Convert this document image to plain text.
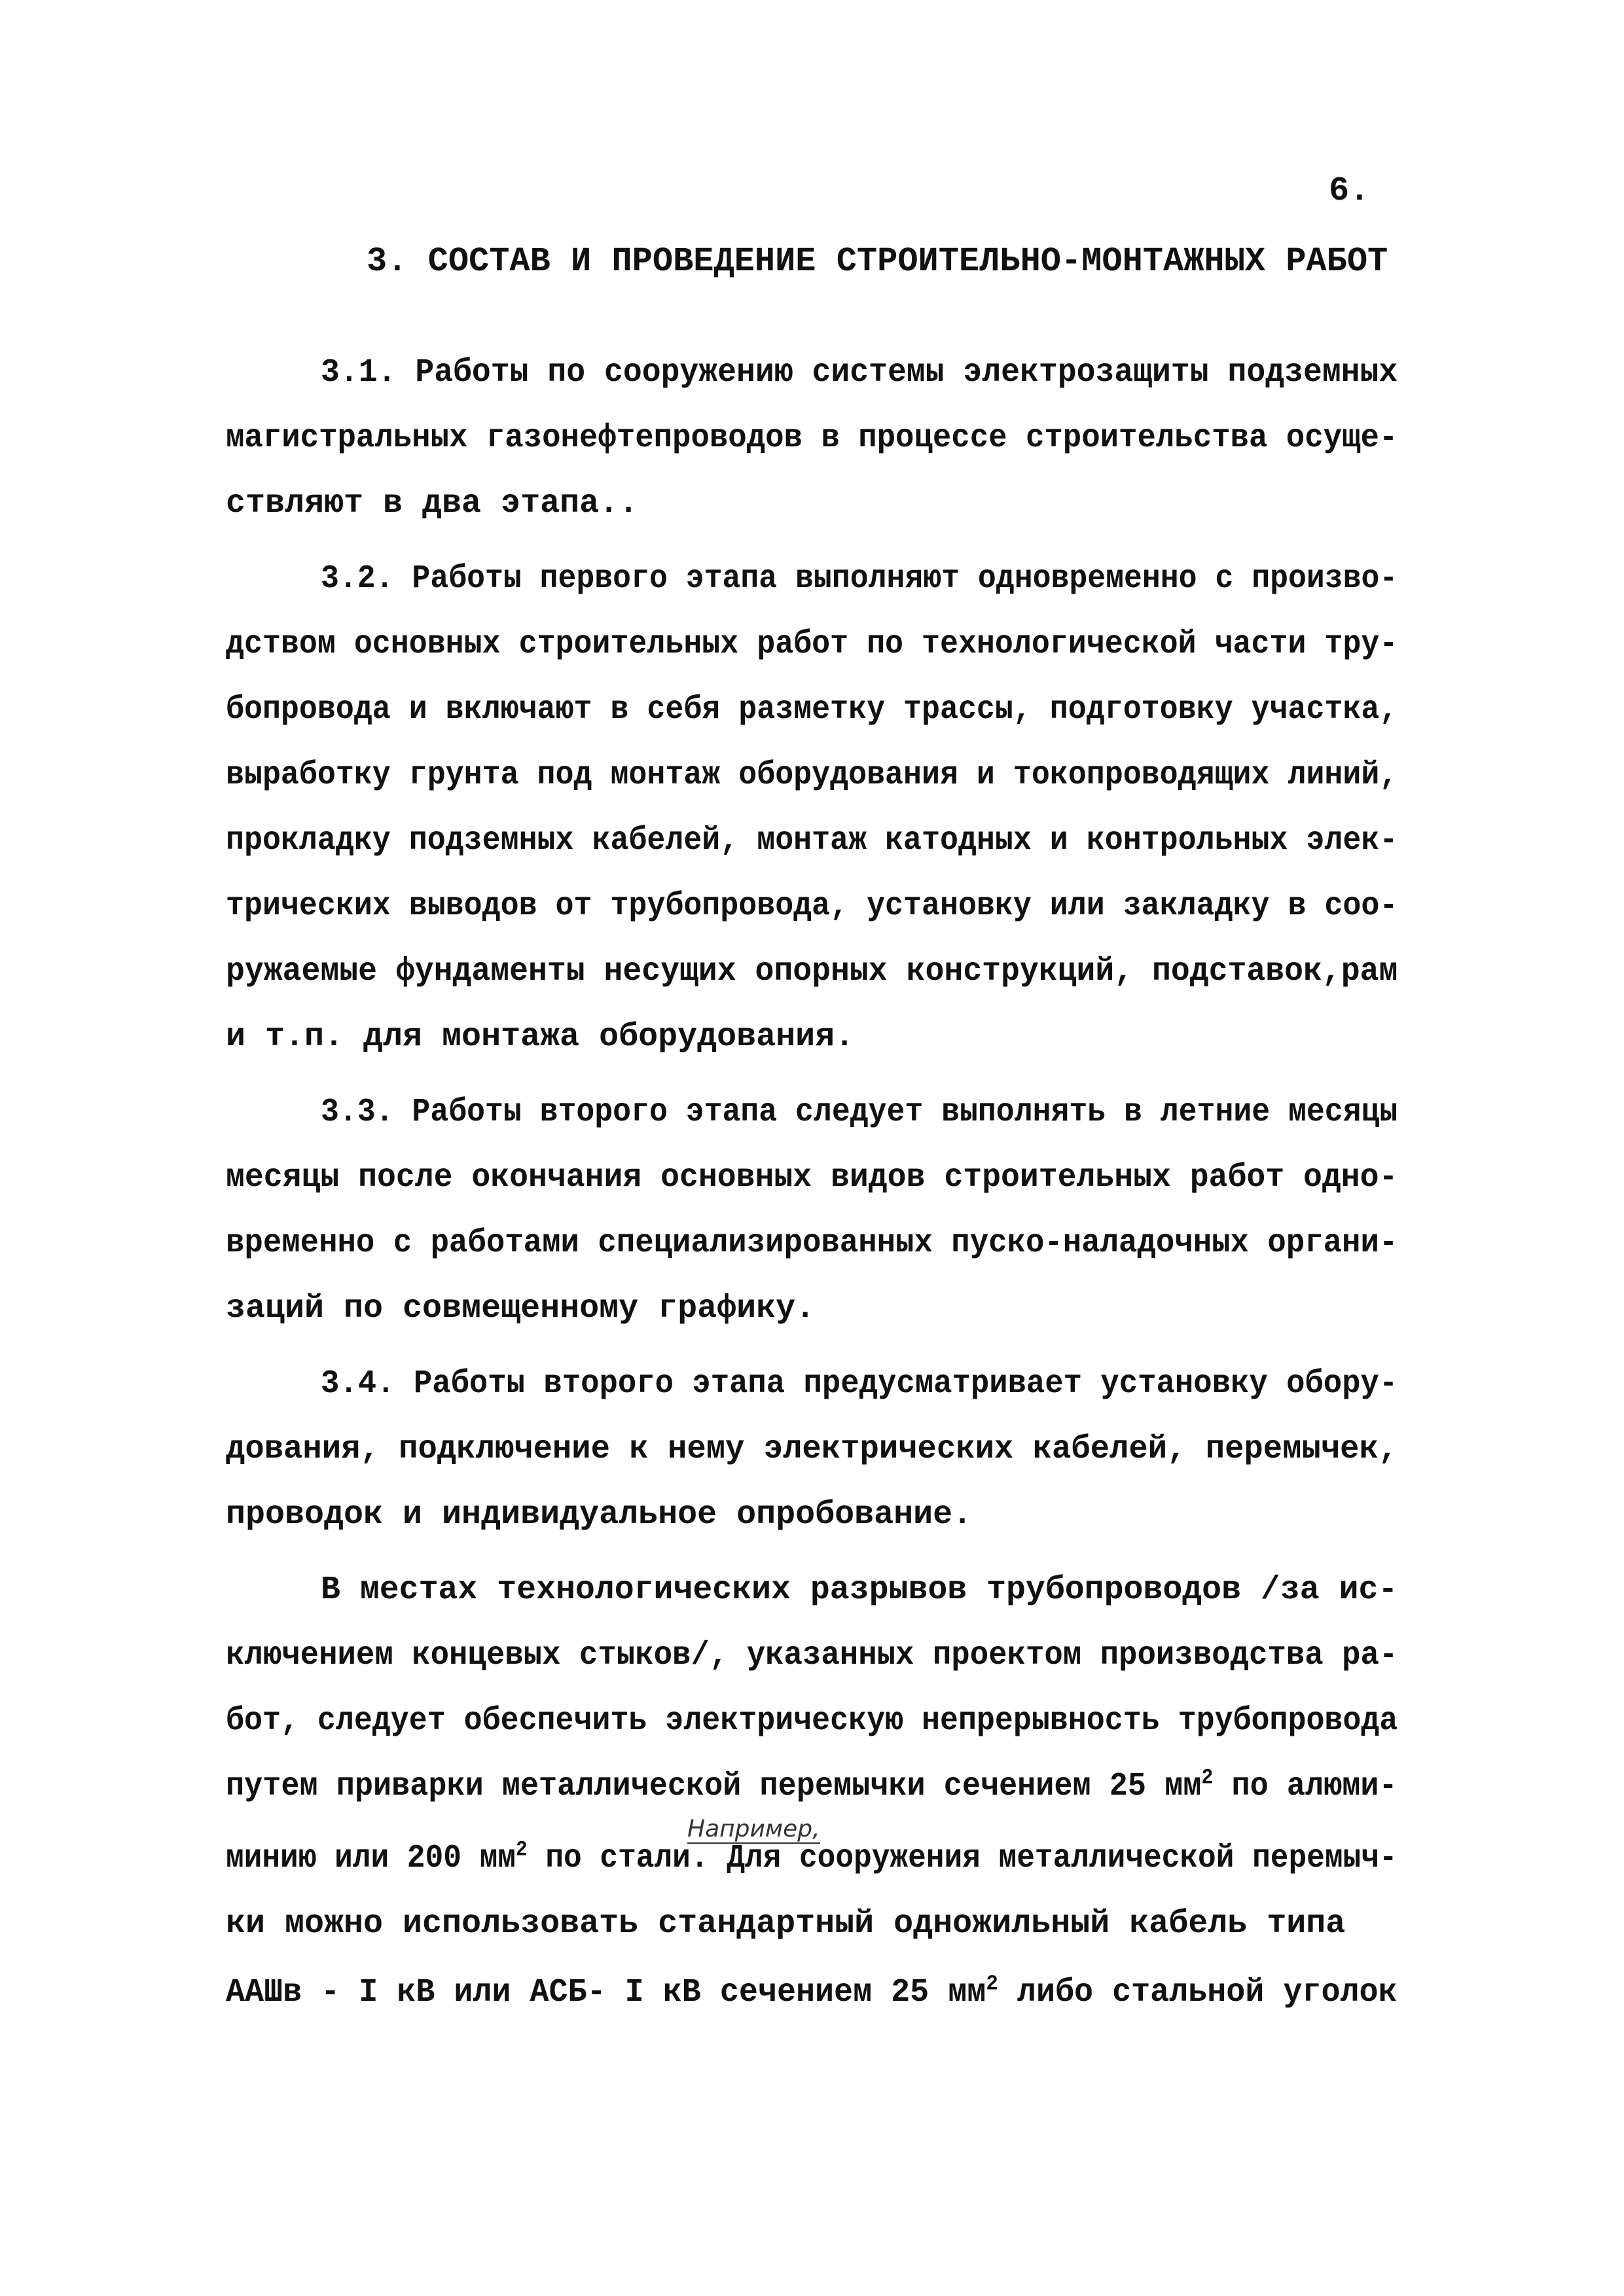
6.
3. СОСТАВ И ПРОВЕДЕНИЕ СТРОИТЕЛЬНО-МОНТАЖНЫХ РАБОТ
3.1. Работы по сооружению системы электрозащиты подземных
магистральных газонефтепроводов в процессе строительства осуще-
ствляют в два этапа..
3.2. Работы первого этапа выполняют одновременно с произво-
дством основных строительных работ по технологической части тру-
бопровода и включают в себя разметку трассы, подготовку участка,
выработку грунта под монтаж оборудования и токопроводящих линий,
прокладку подземных кабелей, монтаж катодных и контрольных элек-
трических выводов от трубопровода, установку или закладку в соо-
ружаемые фундаменты несущих опорных конструкций, подставок,рам
и т.п. для монтажа оборудования.
3.3. Работы второго этапа следует выполнять в летние месяцы
месяцы после окончания основных видов строительных работ одно-
временно с работами специализированных пуско-наладочных органи-
заций по совмещенному графику.
3.4. Работы второго этапа предусматривает установку обору-
дования, подключение к нему электрических кабелей, перемычек,
проводок и индивидуальное опробование.
В местах технологических разрывов трубопроводов /за ис-
ключением концевых стыков/, указанных проектом производства ра-
бот, следует обеспечить электрическую непрерывность трубопровода
путем приварки металлической перемычки сечением 25 $мм^2$ по алюми-
минию или 200 $мм^2$ по стали. Для сооружения металлической перемыч-
ки можно использовать стандартный одножильный кабель типа
ААШв - I кВ или АСБ- I кВ сечением 25 $мм^2$ либо стальной уголок
Например,
